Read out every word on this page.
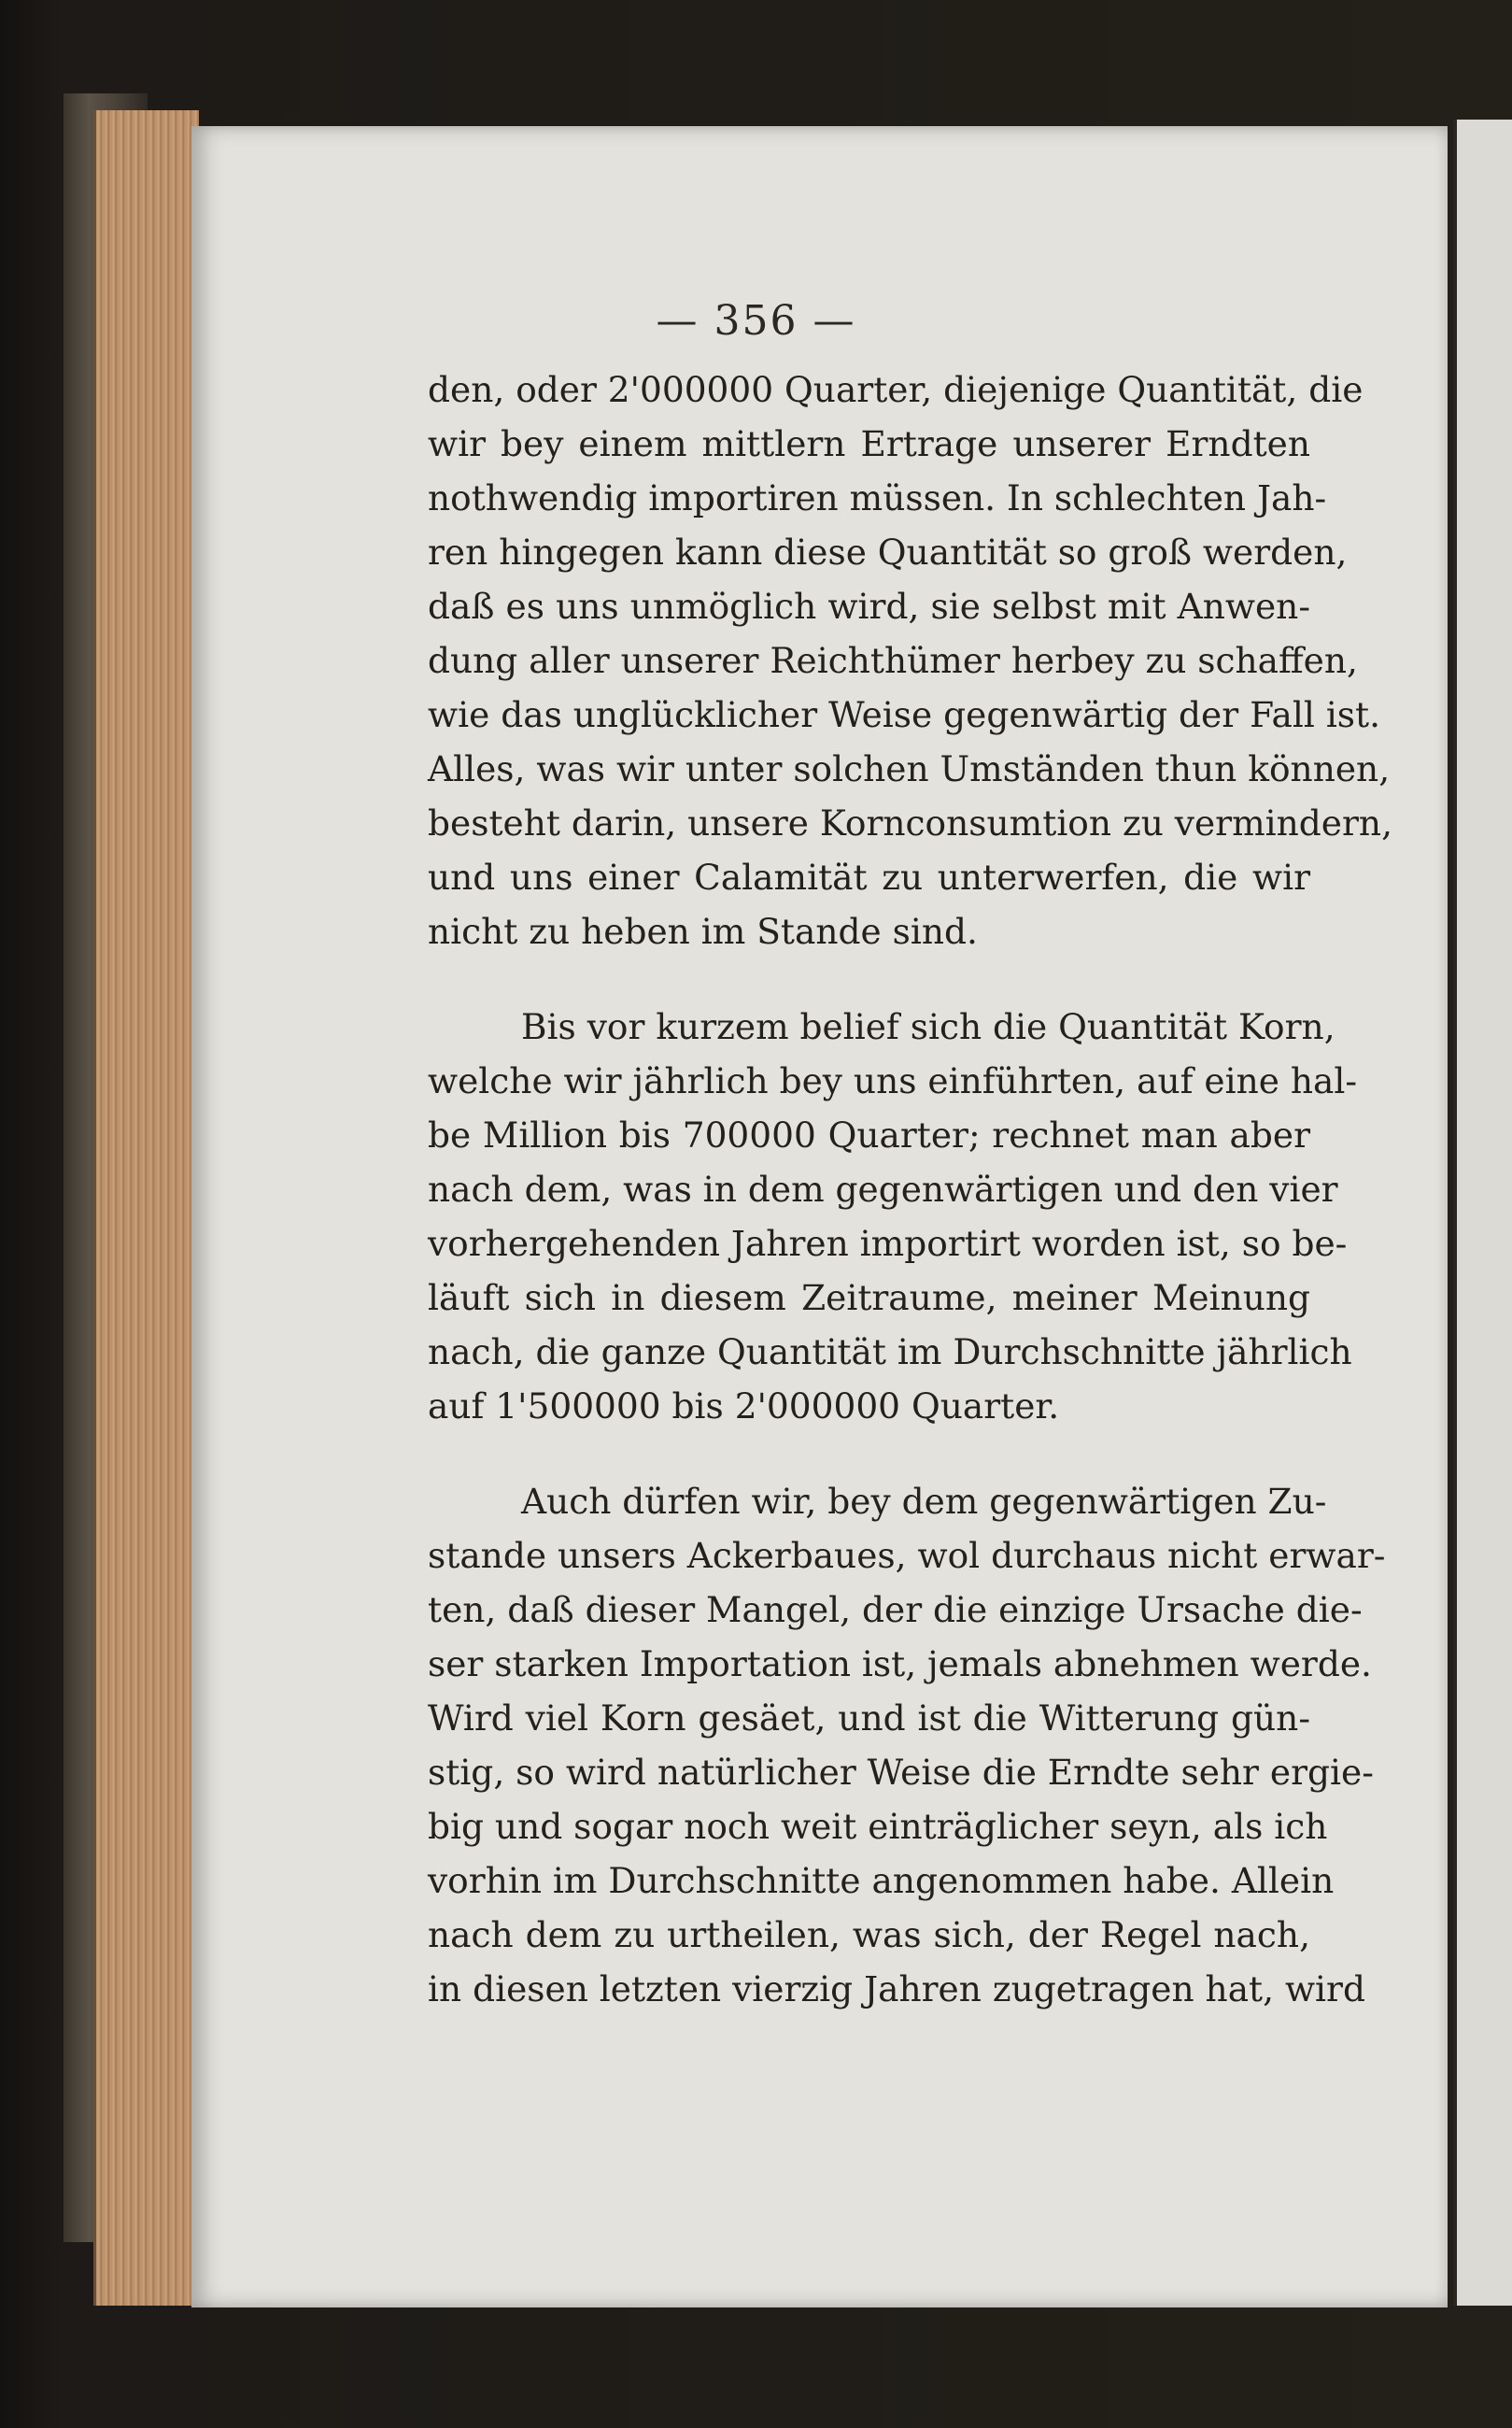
— 356 —
den, oder 2'000000 Quarter, diejenige Quantität, die
wir bey einem mittlern Ertrage unserer Erndten
nothwendig importiren müssen. In schlechten Jah-
ren hingegen kann diese Quantität so groß werden,
daß es uns unmöglich wird, sie selbst mit Anwen-
dung aller unserer Reichthümer herbey zu schaffen,
wie das unglücklicher Weise gegenwärtig der Fall ist.
Alles, was wir unter solchen Umständen thun können,
besteht darin, unsere Kornconsumtion zu vermindern,
und uns einer Calamität zu unterwerfen, die wir
nicht zu heben im Stande sind.
Bis vor kurzem belief sich die Quantität Korn,
welche wir jährlich bey uns einführten, auf eine hal-
be Million bis 700000 Quarter; rechnet man aber
nach dem, was in dem gegenwärtigen und den vier
vorhergehenden Jahren importirt worden ist, so be-
läuft sich in diesem Zeitraume, meiner Meinung
nach, die ganze Quantität im Durchschnitte jährlich
auf 1'500000 bis 2'000000 Quarter.
Auch dürfen wir, bey dem gegenwärtigen Zu-
stande unsers Ackerbaues, wol durchaus nicht erwar-
ten, daß dieser Mangel, der die einzige Ursache die-
ser starken Importation ist, jemals abnehmen werde.
Wird viel Korn gesäet, und ist die Witterung gün-
stig, so wird natürlicher Weise die Erndte sehr ergie-
big und sogar noch weit einträglicher seyn, als ich
vorhin im Durchschnitte angenommen habe. Allein
nach dem zu urtheilen, was sich, der Regel nach,
in diesen letzten vierzig Jahren zugetragen hat, wird
